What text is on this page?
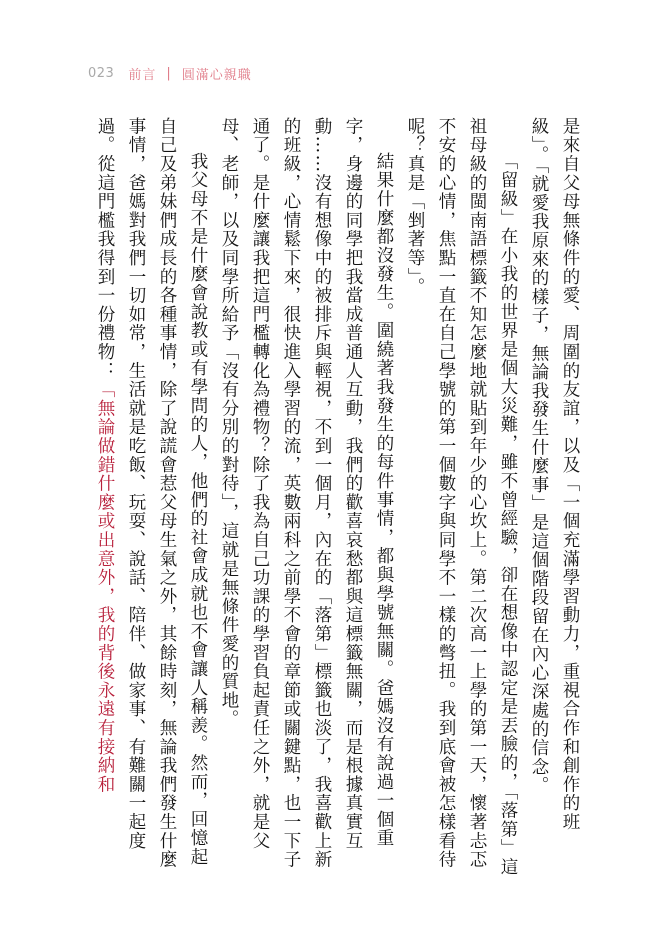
023 前言 | 圓滿心親職

是來自父母無條件的愛、周圍的友誼，以及「一個充滿學習動力，重視合作和創作的班級」。「就愛我原來的樣子，無論我發生什麼事」是這個階段留在內心深處的信念。

「留級」在小我的世界是個大災難，雖不曾經驗，卻在想像中認定是丟臉的，「落第」這祖母級的閩南語標籤不知怎麼地就貼到年少的心坎上。第二次高一上學的第一天，懷著忐忑不安的心情，焦點一直在自己學號的第一個數字與同學不一樣的彆扭。我到底會被怎樣看待呢？真是「剉著等」。

結果什麼都沒發生。圍繞著我發生的每件事情，都與學號無關。爸媽沒有說過一個重字，身邊的同學把我當成普通人互動，我們的歡喜哀愁都與這標籤無關，而是根據真實互動……沒有想像中的被排斥與輕視，不到一個月，內在的「落第」標籤也淡了，我喜歡上新的班級，心情鬆下來，很快進入學習的流，英數兩科之前學不會的章節或關鍵點，也一下子通了。是什麼讓我把這門檻轉化為禮物？除了我為自己功課的學習負起責任之外，就是父母、老師，以及同學所給予「沒有分別的對待」，這就是無條件愛的質地。

我父母不是什麼會說教或有學問的人，他們的社會成就也不會讓人稱羨。然而，回憶起自己及弟妹們成長的各種事情，除了說謊會惹父母生氣之外，其餘時刻，無論我們發生什麼事情，爸媽對我們一切如常，生活就是吃飯、玩耍、說話、陪伴、做家事、有難關一起度過。從這門檻我得到一份禮物：「無論做錯什麼或出意外，我的背後永遠有接納和
